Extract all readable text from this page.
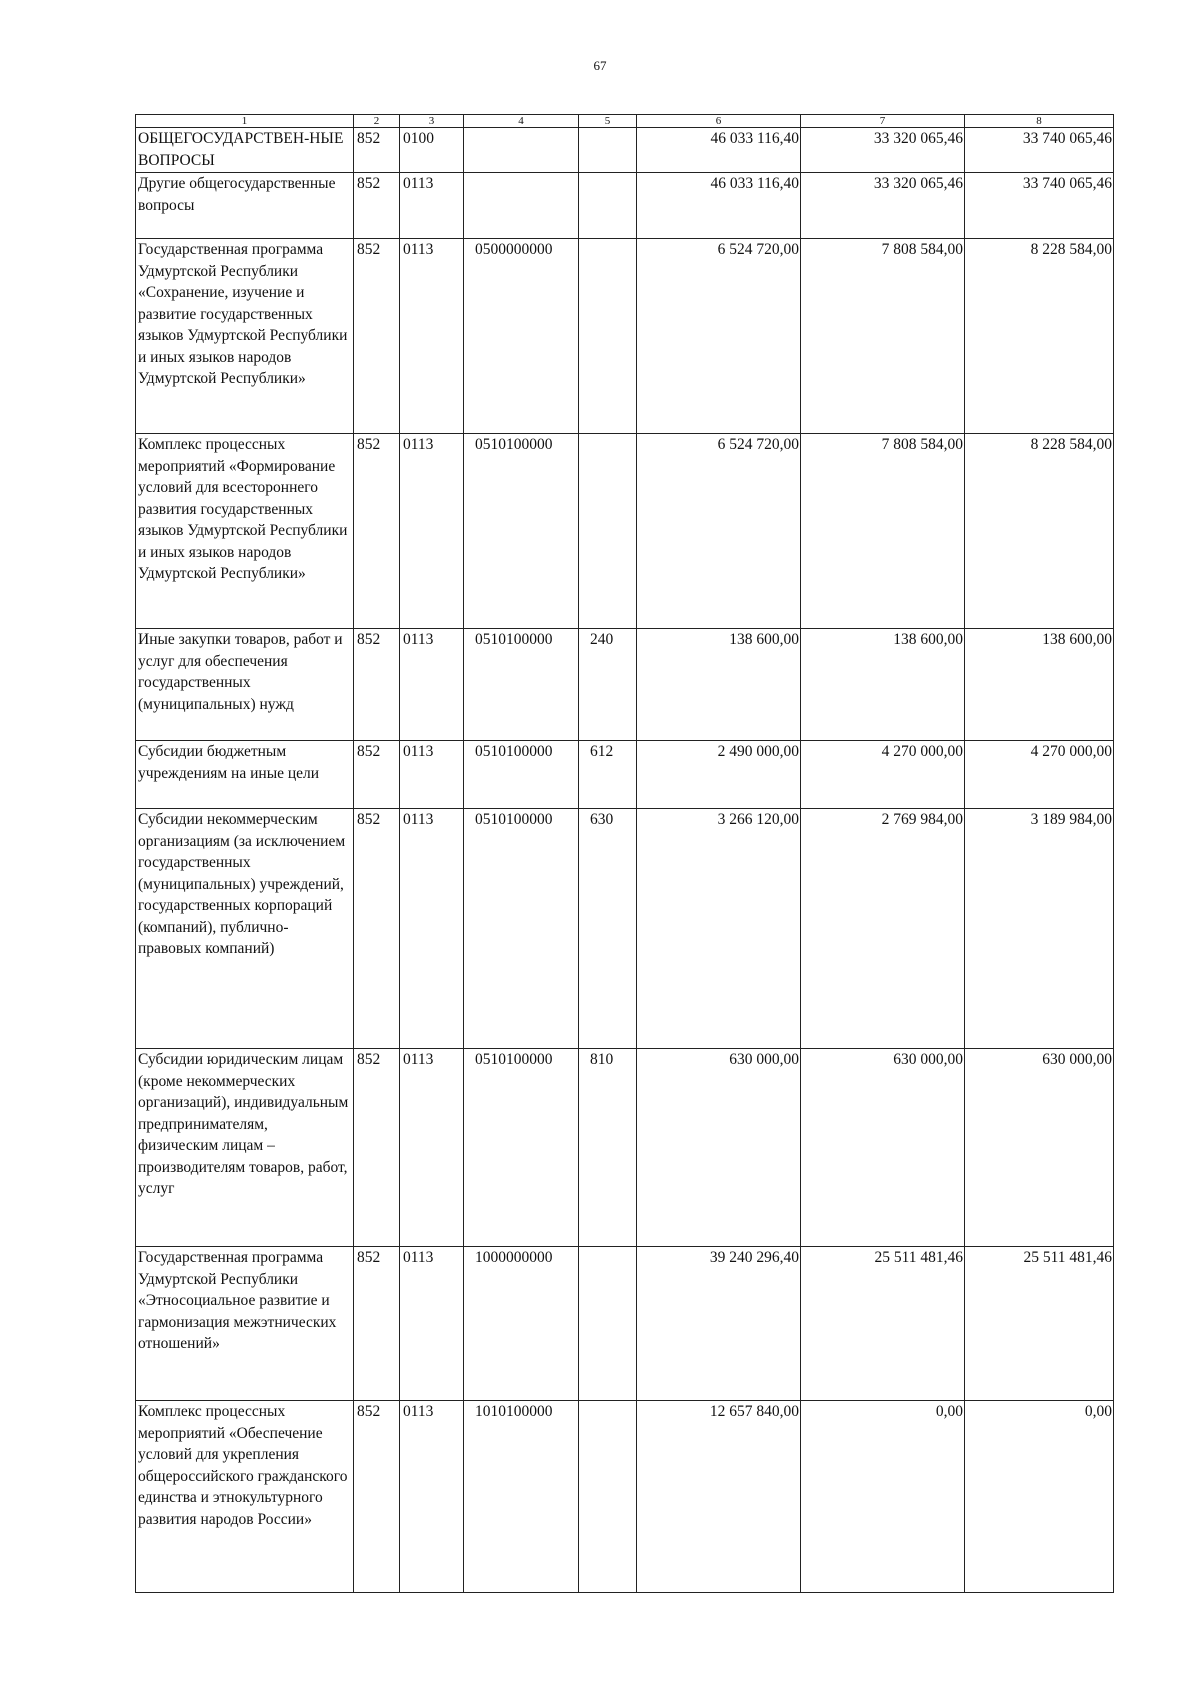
67
1	2	3	4	5	6	7	8
ОБЩЕГОСУДАРСТВЕН-НЫЕ ВОПРОСЫ	852	0100			46 033 116,40	33 320 065,46	33 740 065,46
Другие общегосударственные вопросы	852	0113			46 033 116,40	33 320 065,46	33 740 065,46
Государственная программа Удмуртской Республики «Сохранение, изучение и развитие государственных языков Удмуртской Республики и иных языков народов Удмуртской Республики»	852	0113	0500000000		6 524 720,00	7 808 584,00	8 228 584,00
Комплекс процессных мероприятий «Формирование условий для всестороннего развития государственных языков Удмуртской Республики и иных языков народов Удмуртской Республики»	852	0113	0510100000		6 524 720,00	7 808 584,00	8 228 584,00
Иные закупки товаров, работ и услуг для обеспечения государственных (муниципальных) нужд	852	0113	0510100000	240	138 600,00	138 600,00	138 600,00
Субсидии бюджетным учреждениям на иные цели	852	0113	0510100000	612	2 490 000,00	4 270 000,00	4 270 000,00
Субсидии некоммерческим организациям (за исключением государственных (муниципальных) учреждений, государственных корпораций (компаний), публично-правовых компаний)	852	0113	0510100000	630	3 266 120,00	2 769 984,00	3 189 984,00
Субсидии юридическим лицам (кроме некоммерческих организаций), индивидуальным предпринимателям, физическим лицам – производителям товаров, работ, услуг	852	0113	0510100000	810	630 000,00	630 000,00	630 000,00
Государственная программа Удмуртской Республики «Этносоциальное развитие и гармонизация межэтнических отношений»	852	0113	1000000000		39 240 296,40	25 511 481,46	25 511 481,46
Комплекс процессных мероприятий «Обеспечение условий для укрепления общероссийского гражданского единства и этнокультурного развития народов России»	852	0113	1010100000		12 657 840,00	0,00	0,00
